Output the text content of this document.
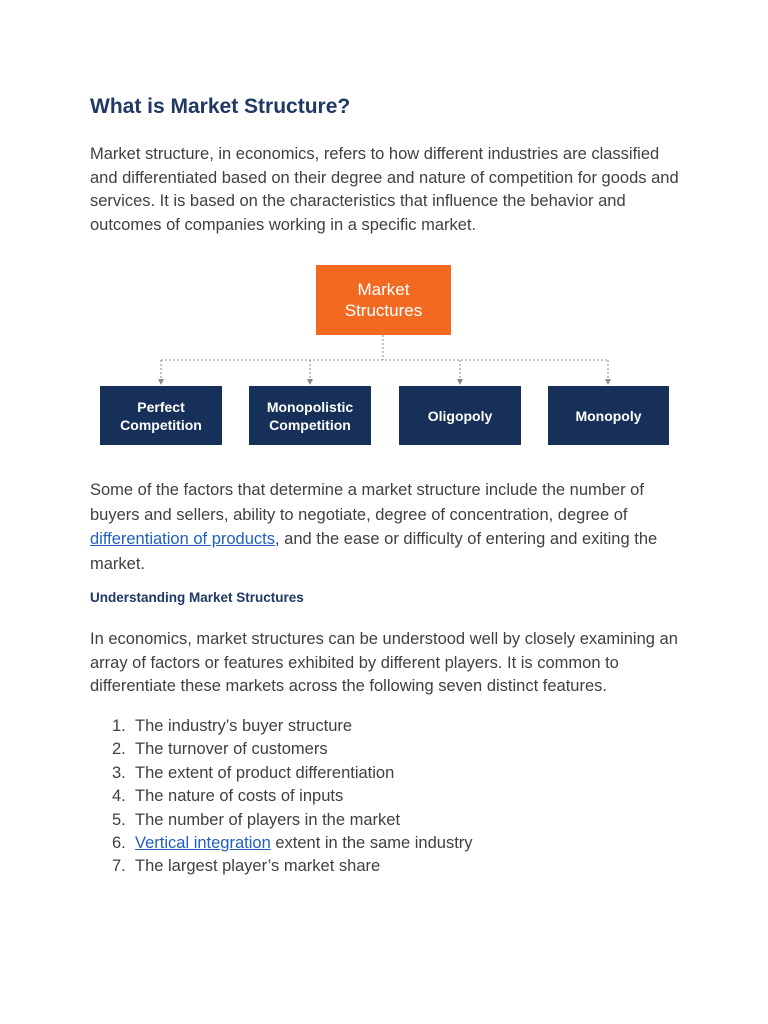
What is Market Structure?

Market structure, in economics, refers to how different industries are classified and differentiated based on their degree and nature of competition for goods and services. It is based on the characteristics that influence the behavior and outcomes of companies working in a specific market.

Market
Structures
Perfect
Competition
Monopolistic
Competition
Oligopoly	Monopoly

Some of the factors that determine a market structure include the number of buyers and sellers, ability to negotiate, degree of concentration, degree of differentiation of products, and the ease or difficulty of entering and exiting the market.

Understanding Market Structures

In economics, market structures can be understood well by closely examining an array of factors or features exhibited by different players. It is common to differentiate these markets across the following seven distinct features.

1. The industry’s buyer structure
2. The turnover of customers
3. The extent of product differentiation
4. The nature of costs of inputs
5. The number of players in the market
6. Vertical integration extent in the same industry
7. The largest player’s market share
